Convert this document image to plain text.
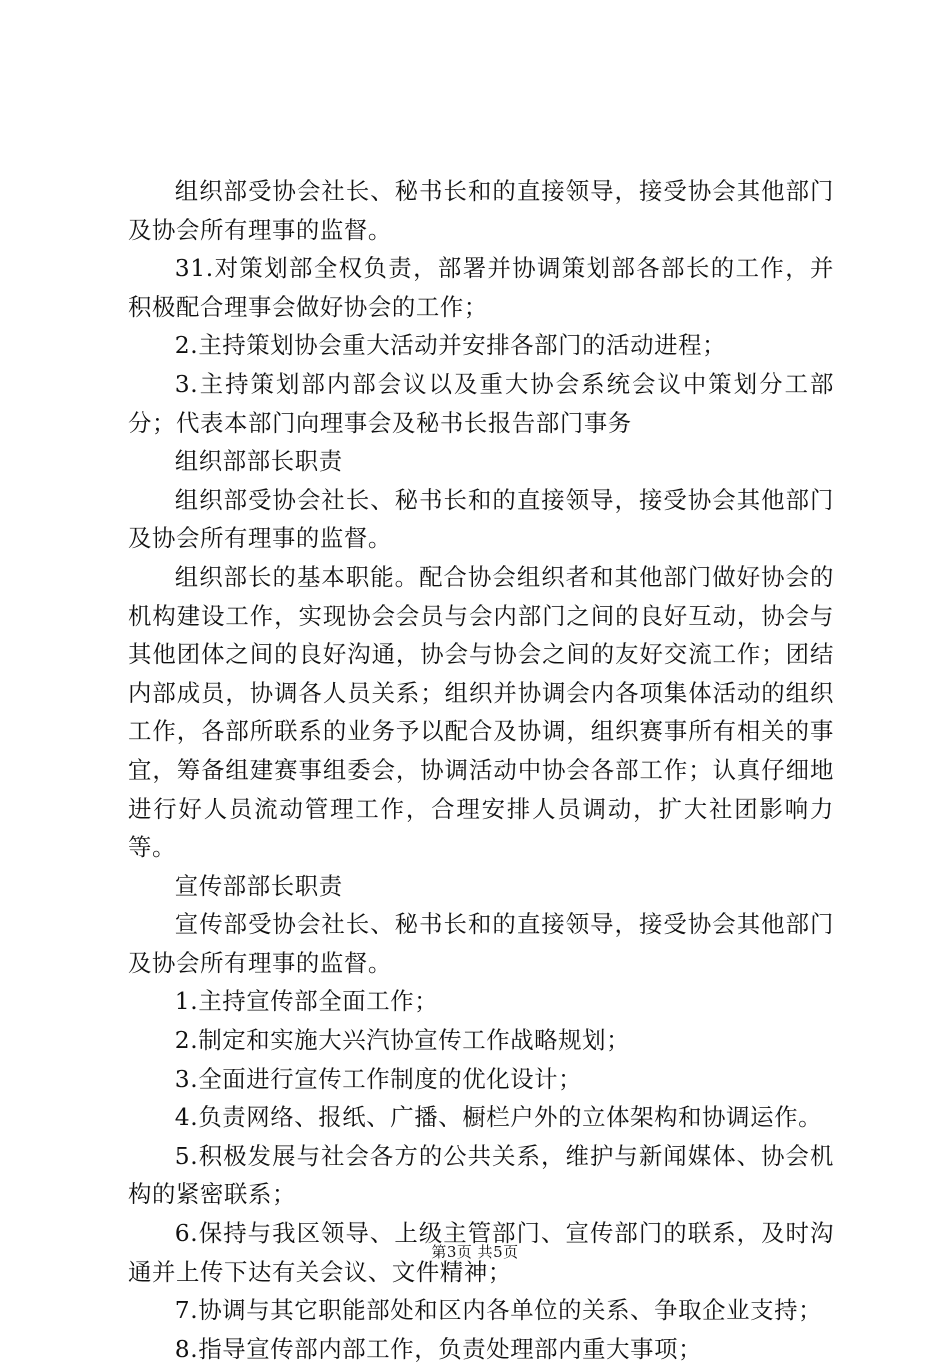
组织部受协会社长、秘书长和的直接领导，接受协会其他部门及协会所有理事的监督。

31.对策划部全权负责，部署并协调策划部各部长的工作，并积极配合理事会做好协会的工作；

2.主持策划协会重大活动并安排各部门的活动进程；

3.主持策划部内部会议以及重大协会系统会议中策划分工部分；代表本部门向理事会及秘书长报告部门事务

组织部部长职责

组织部受协会社长、秘书长和的直接领导，接受协会其他部门及协会所有理事的监督。

组织部长的基本职能。配合协会组织者和其他部门做好协会的机构建设工作，实现协会会员与会内部门之间的良好互动，协会与其他团体之间的良好沟通，协会与协会之间的友好交流工作；团结内部成员，协调各人员关系；组织并协调会内各项集体活动的组织工作，各部所联系的业务予以配合及协调，组织赛事所有相关的事宜，筹备组建赛事组委会，协调活动中协会各部工作；认真仔细地进行好人员流动管理工作，合理安排人员调动，扩大社团影响力等。

宣传部部长职责

宣传部受协会社长、秘书长和的直接领导，接受协会其他部门及协会所有理事的监督。

1.主持宣传部全面工作；

2.制定和实施大兴汽协宣传工作战略规划；

3.全面进行宣传工作制度的优化设计；

4.负责网络、报纸、广播、橱栏户外的立体架构和协调运作。

5.积极发展与社会各方的公共关系，维护与新闻媒体、协会机构的紧密联系；

6.保持与我区领导、上级主管部门、宣传部门的联系，及时沟通并上传下达有关会议、文件精神；

7.协调与其它职能部处和区内各单位的关系、争取企业支持；

8.指导宣传部内部工作，负责处理部内重大事项；

第3页 共5页
